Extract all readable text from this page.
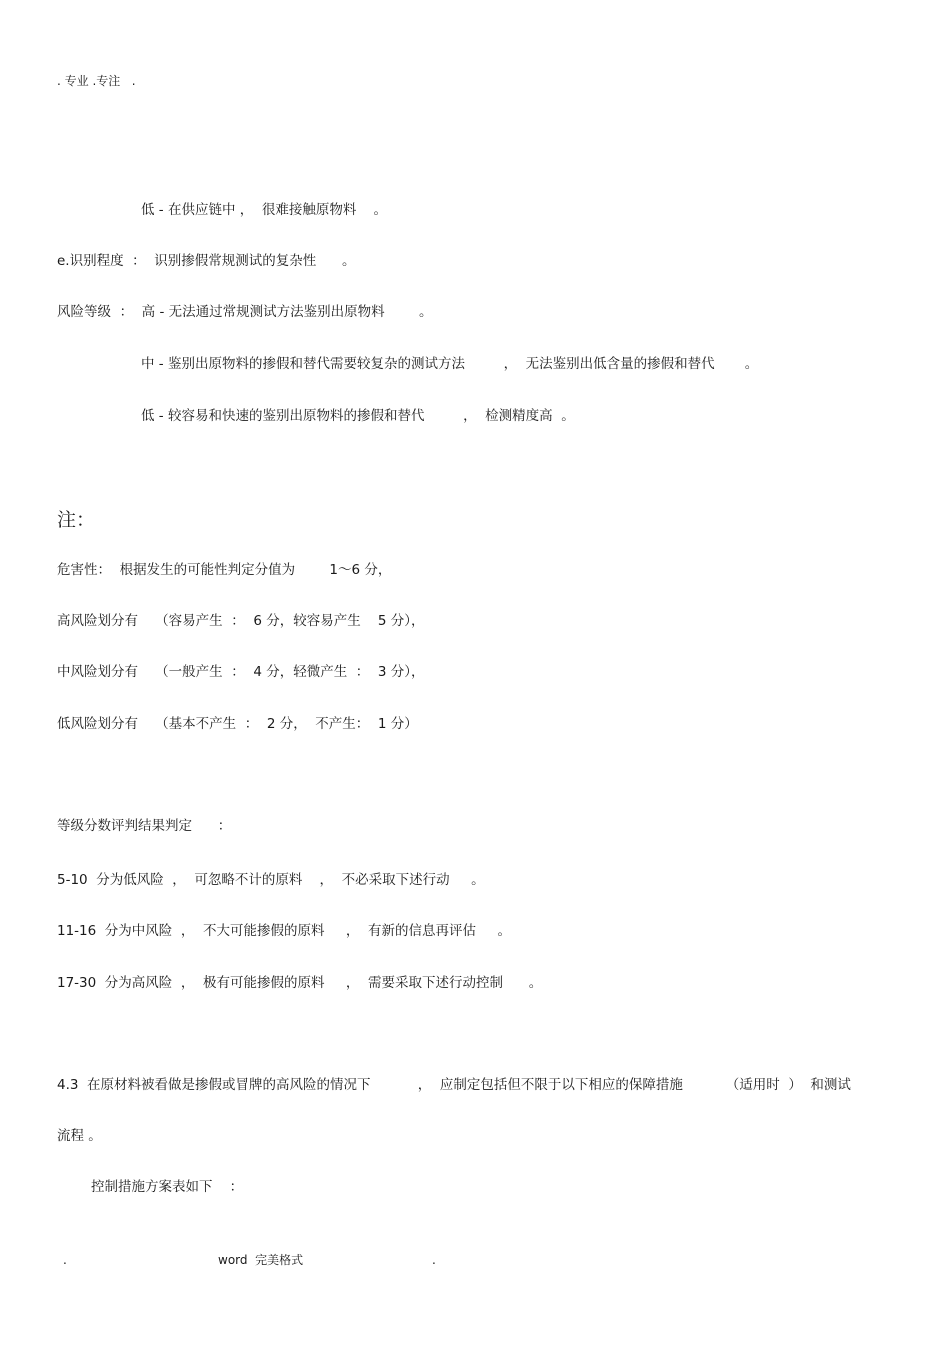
. 专业 .专注   .
低 - 在供应链中 ，  很难接触原物料    。
e.识别程度  ：  识别掺假常规测试的复杂性      。
风险等级  ：  高 - 无法通过常规测试方法鉴别出原物料        。
中 - 鉴别出原物料的掺假和替代需要较复杂的测试方法         ，  无法鉴别出低含量的掺假和替代       。
低 - 较容易和快速的鉴别出原物料的掺假和替代         ，  检测精度高  。
注：
危害性：  根据发生的可能性判定分值为        1～6 分，
高风险划分有    （容易产生  ：  6 分，较容易产生    5 分），
中风险划分有    （一般产生  ：  4 分，轻微产生  ：  3 分），
低风险划分有    （基本不产生  ：  2 分，  不产生：  1 分）
等级分数评判结果判定      ：
5-10  分为低风险  ，  可忽略不计的原料    ，  不必采取下述行动     。
11-16  分为中风险  ，  不大可能掺假的原料     ，  有新的信息再评估     。
17-30  分为高风险  ，  极有可能掺假的原料     ，  需要采取下述行动控制      。
4.3  在原材料被看做是掺假或冒牌的高风险的情况下           ，  应制定包括但不限于以下相应的保障措施          （适用时  ）  和测试
流程 。
控制措施方案表如下    ：
.	word  完美格式	.
